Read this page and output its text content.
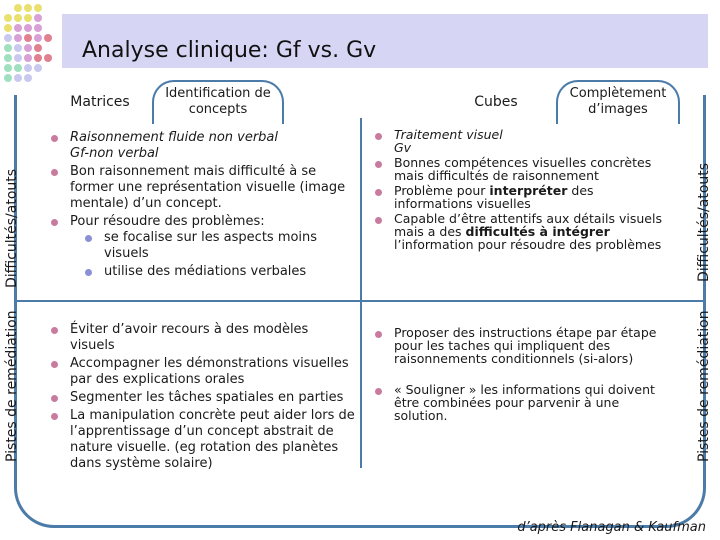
Analyse clinique: Gf vs. Gv
Matrices
Identification de concepts	Cubes
Complètement d’images
Difficultés/atouts
Pistes de remédiation
Difficultés/atouts
Pistes de remédiation
Raisonnement fluide non verbal
Gf-non verbal
Bon raisonnement mais difficulté à se former une représentation visuelle (image mentale) d’un concept.
Pour résoudre des problèmes:
se focalise sur les aspects moins visuels
utilise des médiations verbales
Traitement visuel
Gv
Bonnes compétences visuelles concrètes mais difficultés de raisonnement
Problème pour interpréter des informations visuelles
Capable d’être attentifs aux détails visuels mais a des difficultés à intégrer l’information pour résoudre des problèmes
Éviter d’avoir recours à des modèles visuels
Accompagner les démonstrations visuelles par des explications orales
Segmenter les tâches spatiales en parties
La manipulation concrète peut aider lors de l’apprentissage d’un concept abstrait de nature visuelle. (eg rotation des planètes dans système solaire)
Proposer des instructions étape par étape pour les taches qui impliquent des raisonnements conditionnels (si-alors)
« Souligner » les informations qui doivent être combinées pour parvenir à une solution.
d’après Flanagan & Kaufman
